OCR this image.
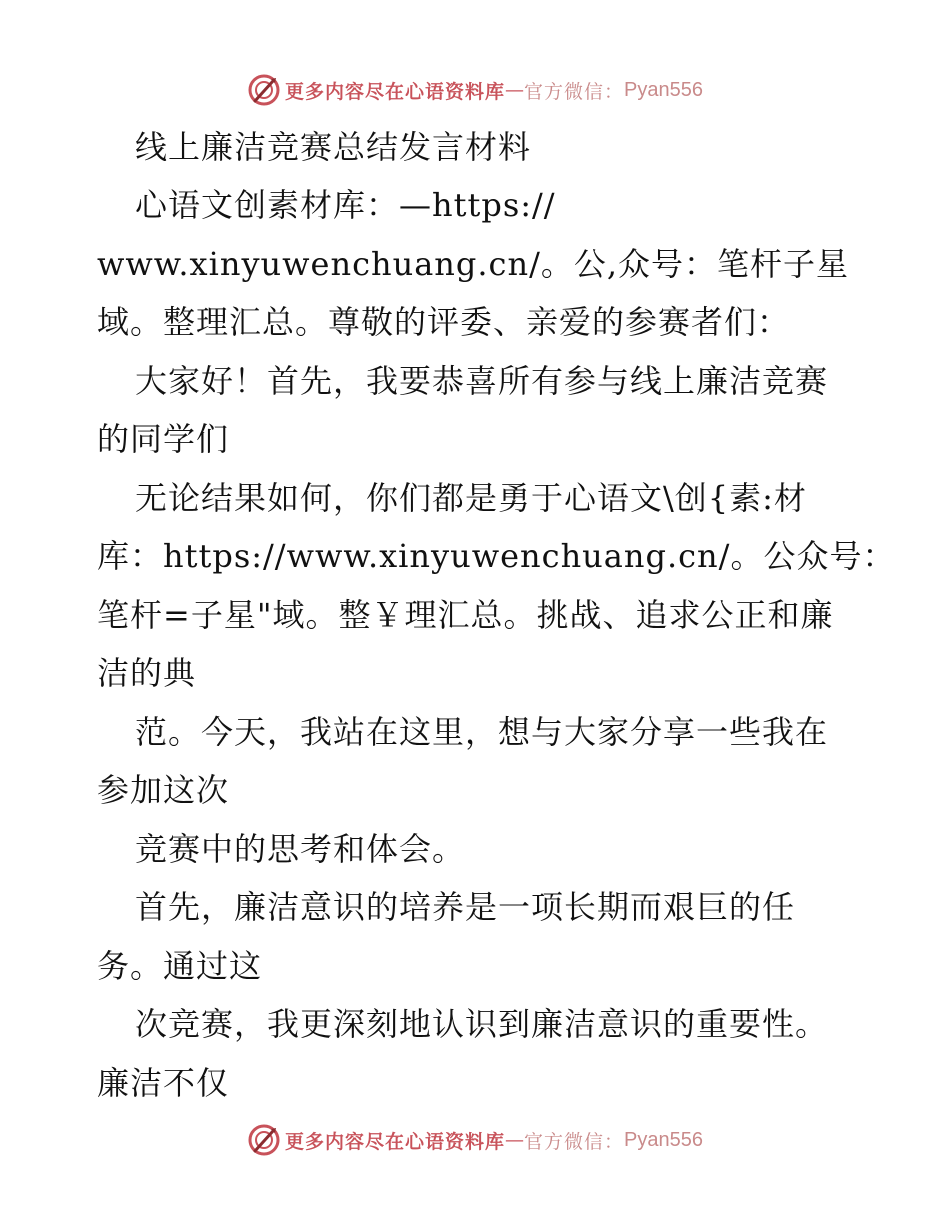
更多内容尽在心语资料库 — 官方微信： Pyan556
线上廉洁竞赛总结发言材料
心语文创素材库：—https://
www.xinyuwenchuang.cn/。公,众号：笔杆子星
域。整理汇总。尊敬的评委、亲爱的参赛者们：
大家好！首先，我要恭喜所有参与线上廉洁竞赛
的同学们
无论结果如何，你们都是勇于心语文\创{素:材
库：https://www.xinyuwenchuang.cn/。公众号：
笔杆=子星"域。整￥理汇总。挑战、追求公正和廉
洁的典
范。今天，我站在这里，想与大家分享一些我在
参加这次
竞赛中的思考和体会。
首先，廉洁意识的培养是一项长期而艰巨的任
务。通过这
次竞赛，我更深刻地认识到廉洁意识的重要性。
廉洁不仅
更多内容尽在心语资料库 — 官方微信： Pyan556
